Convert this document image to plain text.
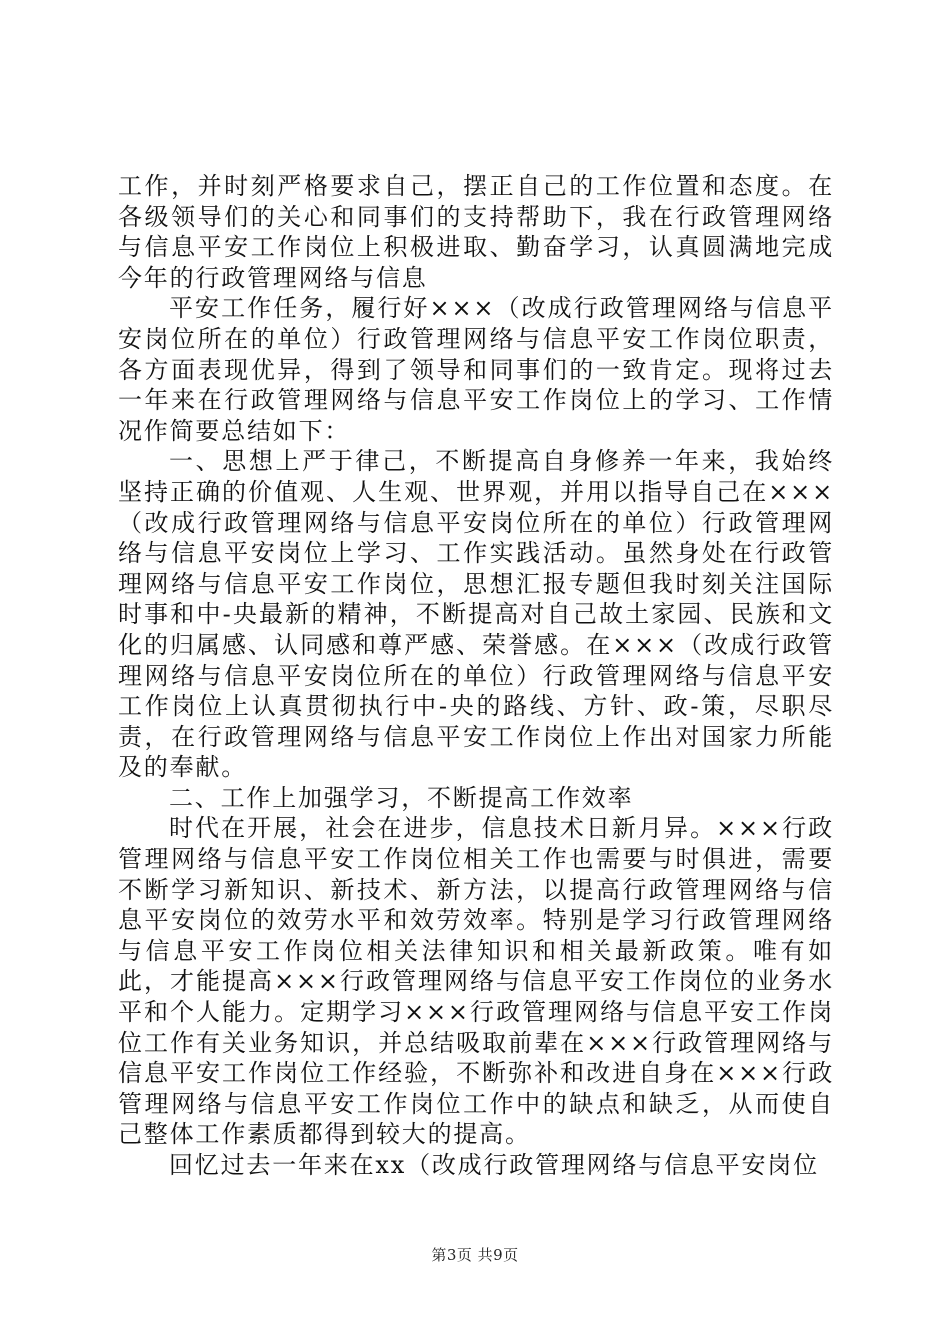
工作，并时刻严格要求自己，摆正自己的工作位置和态度。在各级领导们的关心和同事们的支持帮助下，我在行政管理网络与信息平安工作岗位上积极进取、勤奋学习，认真圆满地完成今年的行政管理网络与信息

平安工作任务，履行好×××（改成行政管理网络与信息平安岗位所在的单位）行政管理网络与信息平安工作岗位职责，各方面表现优异，得到了领导和同事们的一致肯定。现将过去一年来在行政管理网络与信息平安工作岗位上的学习、工作情况作简要总结如下：

一、思想上严于律己，不断提高自身修养一年来，我始终坚持正确的价值观、人生观、世界观，并用以指导自己在×××（改成行政管理网络与信息平安岗位所在的单位）行政管理网络与信息平安岗位上学习、工作实践活动。虽然身处在行政管理网络与信息平安工作岗位，思想汇报专题但我时刻关注国际时事和中-央最新的精神，不断提高对自己故土家园、民族和文化的归属感、认同感和尊严感、荣誉感。在×××（改成行政管理网络与信息平安岗位所在的单位）行政管理网络与信息平安工作岗位上认真贯彻执行中-央的路线、方针、政-策，尽职尽责，在行政管理网络与信息平安工作岗位上作出对国家力所能及的奉献。

二、工作上加强学习，不断提高工作效率

时代在开展，社会在进步，信息技术日新月异。×××行政管理网络与信息平安工作岗位相关工作也需要与时俱进，需要不断学习新知识、新技术、新方法，以提高行政管理网络与信息平安岗位的效劳水平和效劳效率。特别是学习行政管理网络与信息平安工作岗位相关法律知识和相关最新政策。唯有如此，才能提高×××行政管理网络与信息平安工作岗位的业务水平和个人能力。定期学习×××行政管理网络与信息平安工作岗位工作有关业务知识，并总结吸取前辈在×××行政管理网络与信息平安工作岗位工作经验，不断弥补和改进自身在×××行政管理网络与信息平安工作岗位工作中的缺点和缺乏，从而使自己整体工作素质都得到较大的提高。

回忆过去一年来在xx（改成行政管理网络与信息平安岗位

第3页 共9页
